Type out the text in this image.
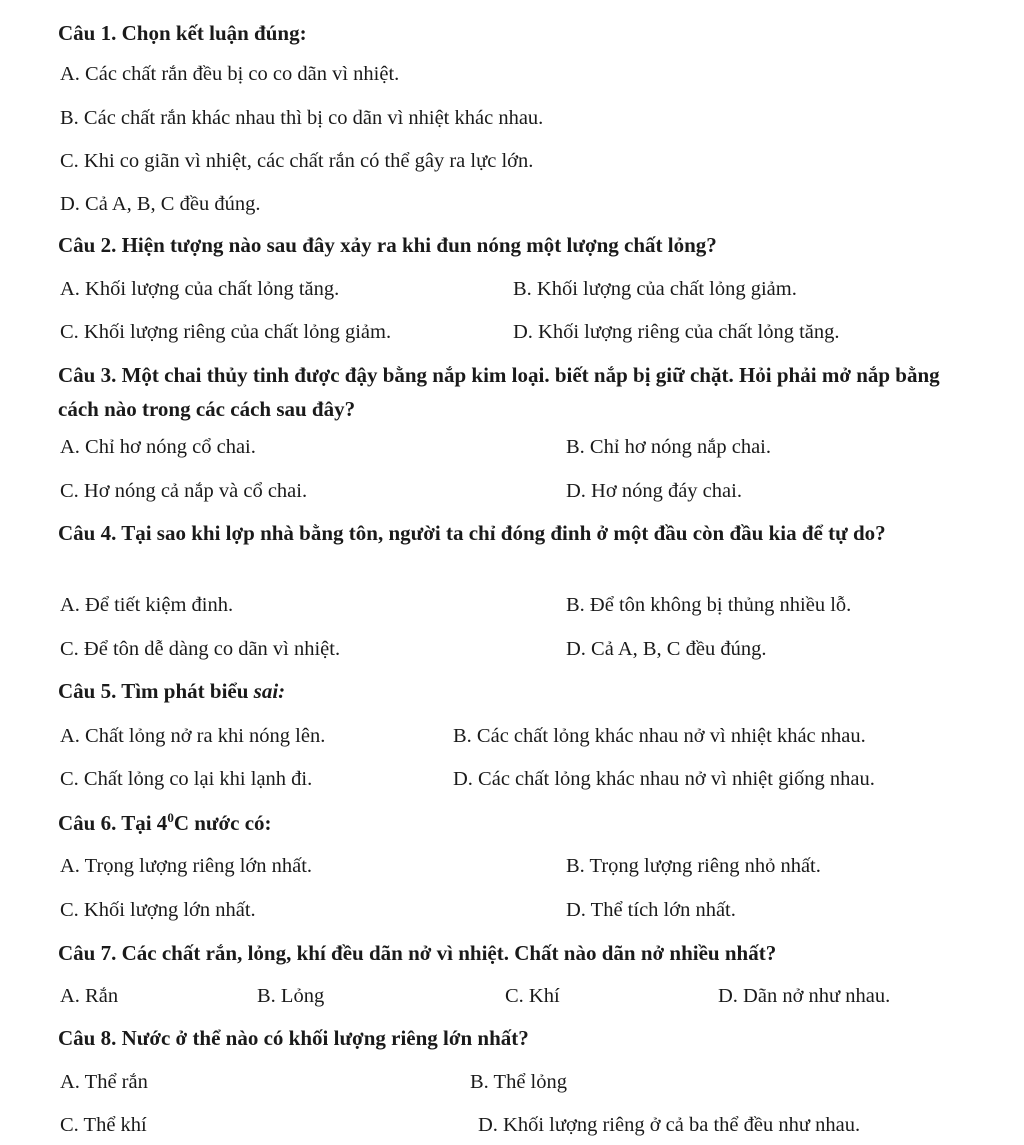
Câu 1. Chọn kết luận đúng:
A. Các chất rắn đều bị co co dãn vì nhiệt.
B. Các chất rắn khác nhau thì bị co dãn vì nhiệt khác nhau.
C. Khi co giãn vì nhiệt, các chất rắn có thể gây ra lực lớn.
D. Cả A, B, C đều đúng.
Câu 2. Hiện tượng nào sau đây xảy ra khi đun nóng một lượng chất lỏng?
A. Khối lượng của chất lỏng tăng.	B. Khối lượng của chất lỏng giảm.
C. Khối lượng riêng của chất lỏng giảm.	D. Khối lượng riêng của chất lỏng tăng.
Câu 3. Một chai thủy tinh được đậy bằng nắp kim loại. biết nắp bị giữ chặt. Hỏi phải mở nắp bằng cách nào trong các cách sau đây?
A. Chỉ hơ nóng cổ chai.	B. Chỉ hơ nóng nắp chai.
C. Hơ nóng cả nắp và cổ chai.	D. Hơ nóng đáy chai.
Câu 4. Tại sao khi lợp nhà bằng tôn, người ta chỉ đóng đinh ở một đầu còn đầu kia để tự do?
A. Để tiết kiệm đinh.	B. Để tôn không bị thủng nhiều lỗ.
C. Để tôn dễ dàng co dãn vì nhiệt.	D. Cả A, B, C đều đúng.
Câu 5. Tìm phát biểu sai:
A. Chất lỏng nở ra khi nóng lên.	B. Các chất lỏng khác nhau nở vì nhiệt khác nhau.
C. Chất lỏng co lại khi lạnh đi.	D. Các chất lỏng khác nhau nở vì nhiệt giống nhau.
Câu 6. Tại $4^0C$ nước có:
A. Trọng lượng riêng lớn nhất.	B. Trọng lượng riêng nhỏ nhất.
C. Khối lượng lớn nhất.	D. Thể tích lớn nhất.
Câu 7. Các chất rắn, lỏng, khí đều dãn nở vì nhiệt. Chất nào dãn nở nhiều nhất?
A. Rắn	B. Lỏng	C. Khí	D. Dãn nở như nhau.
Câu 8. Nước ở thể nào có khối lượng riêng lớn nhất?
A. Thể rắn	B. Thể lỏng
C. Thể khí	D. Khối lượng riêng ở cả ba thể đều như nhau.
